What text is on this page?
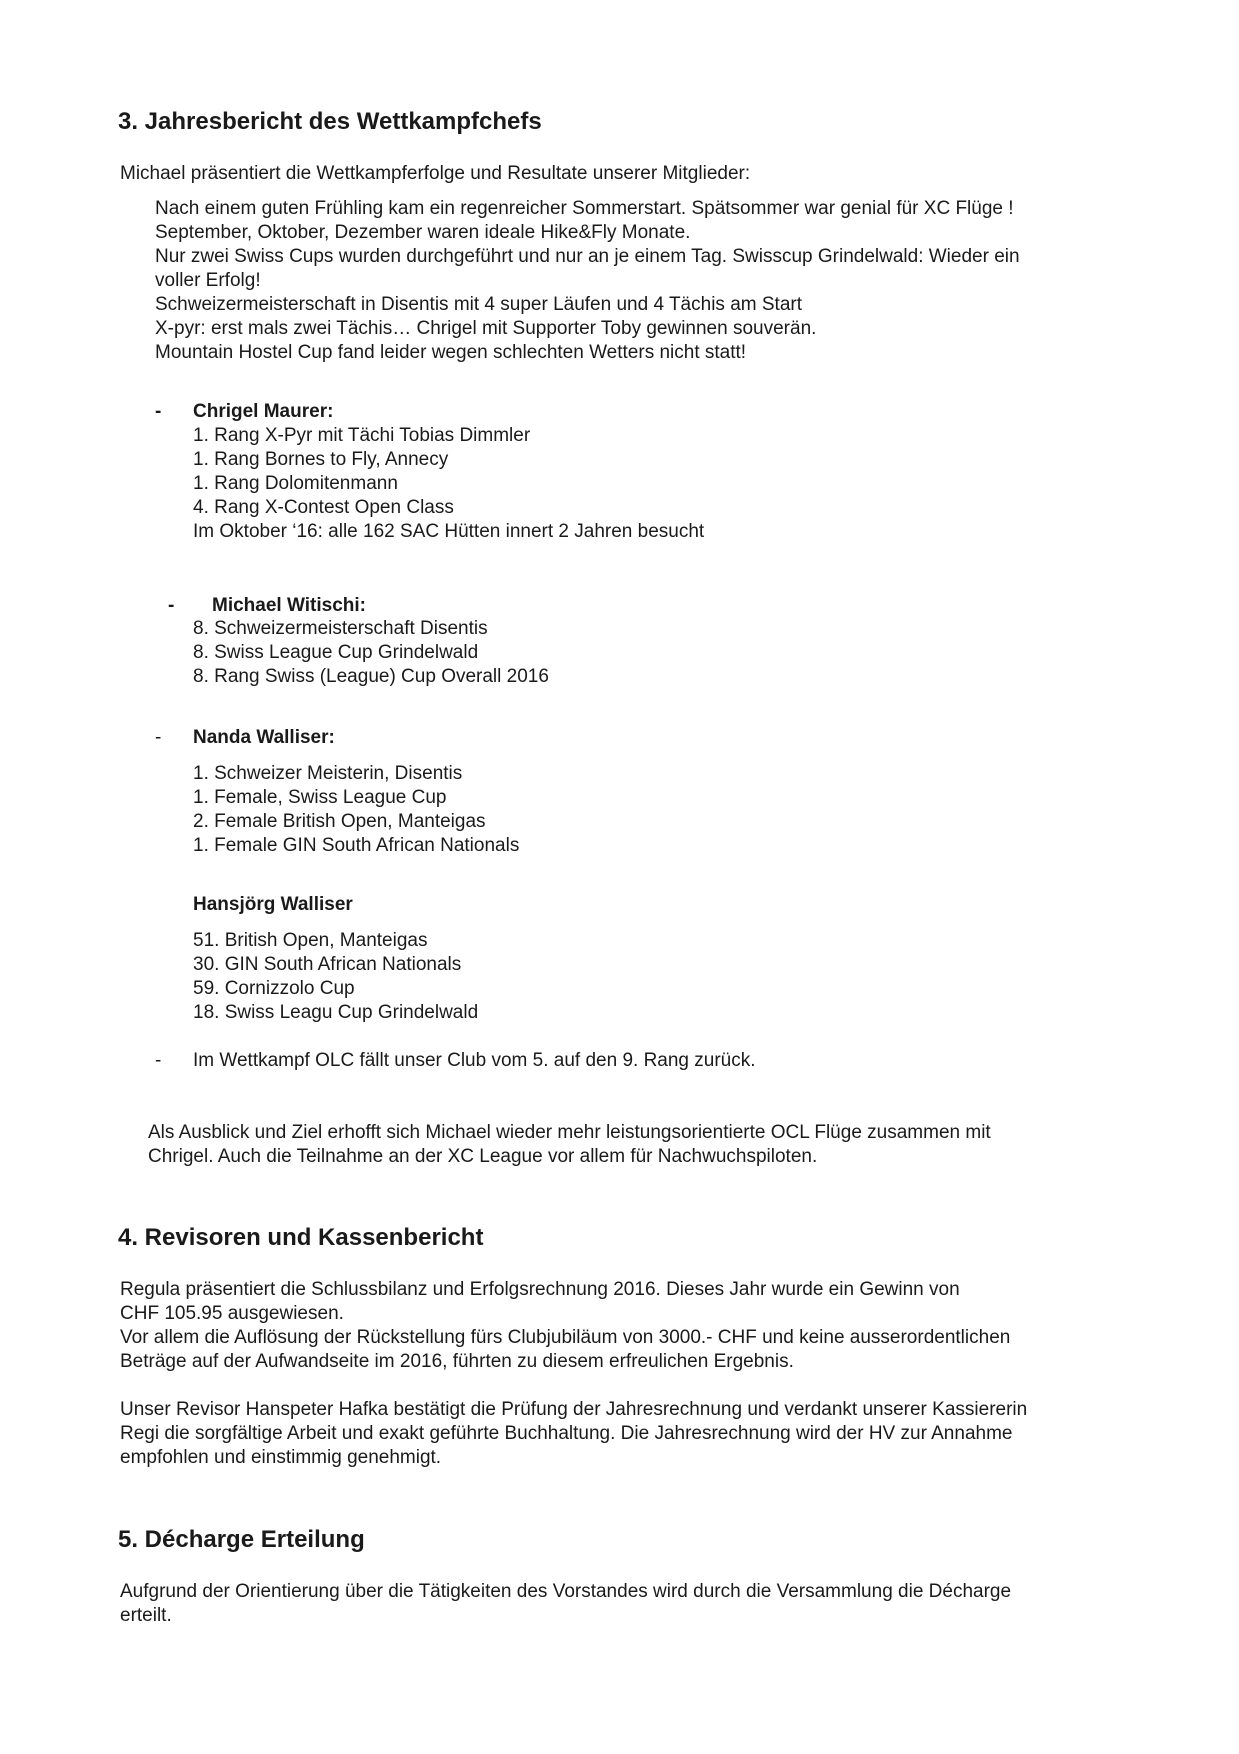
3. Jahresbericht des Wettkampfchefs
Michael präsentiert die Wettkampferfolge und Resultate unserer Mitglieder:
Nach einem guten Frühling kam ein regenreicher Sommerstart. Spätsommer war genial für XC Flüge !
September, Oktober, Dezember waren ideale Hike&Fly Monate.
Nur zwei Swiss Cups wurden durchgeführt und nur an je einem Tag. Swisscup Grindelwald: Wieder ein
voller Erfolg!
Schweizermeisterschaft in Disentis mit 4 super Läufen und 4 Tächis am Start
X-pyr: erst mals zwei Tächis… Chrigel mit Supporter Toby gewinnen souverän.
Mountain Hostel Cup fand leider wegen schlechten Wetters nicht statt!
- Chrigel Maurer:
1. Rang X-Pyr mit Tächi Tobias Dimmler
1. Rang Bornes to Fly, Annecy
1. Rang Dolomitenmann
4. Rang X-Contest Open Class
Im Oktober ‘16: alle 162 SAC Hütten innert 2 Jahren besucht
- Michael Witischi:
8. Schweizermeisterschaft Disentis
8. Swiss League Cup Grindelwald
8. Rang Swiss (League) Cup Overall 2016
- Nanda Walliser:
1. Schweizer Meisterin, Disentis
1. Female, Swiss League Cup
2. Female British Open, Manteigas
1. Female GIN South African Nationals
Hansjörg Walliser
51. British Open, Manteigas
30. GIN South African Nationals
59. Cornizzolo Cup
18. Swiss Leagu Cup Grindelwald
- Im Wettkampf OLC fällt unser Club vom 5. auf den 9. Rang zurück.
Als Ausblick und Ziel erhofft sich Michael wieder mehr leistungsorientierte OCL Flüge zusammen mit
Chrigel. Auch die Teilnahme an der XC League vor allem für Nachwuchspiloten.
4. Revisoren und Kassenbericht
Regula präsentiert die Schlussbilanz und Erfolgsrechnung 2016. Dieses Jahr wurde ein Gewinn von
CHF 105.95 ausgewiesen.
Vor allem die Auflösung der Rückstellung fürs Clubjubiläum von 3000.- CHF und keine ausserordentlichen
Beträge auf der Aufwandseite im 2016, führten zu diesem erfreulichen Ergebnis.
Unser Revisor Hanspeter Hafka bestätigt die Prüfung der Jahresrechnung und verdankt unserer Kassiererin
Regi die sorgfältige Arbeit und exakt geführte Buchhaltung. Die Jahresrechnung wird der HV zur Annahme
empfohlen und einstimmig genehmigt.
5. Décharge Erteilung
Aufgrund der Orientierung über die Tätigkeiten des Vorstandes wird durch die Versammlung die Décharge
erteilt.
